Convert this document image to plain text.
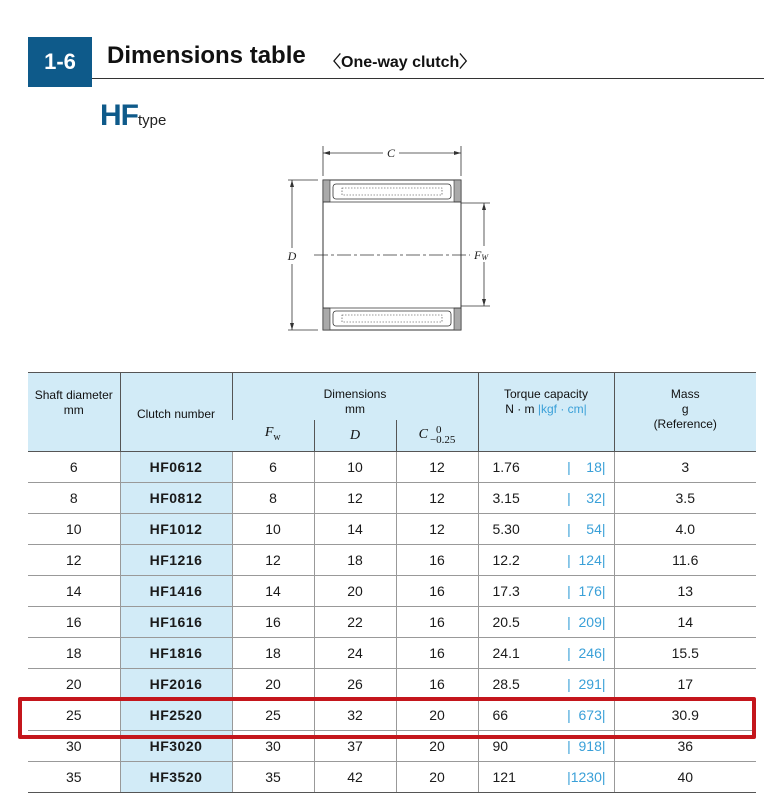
1-6	Dimensions table 〈One-way clutch〉
HFtype
C
D	FW
Shaft diameter
mm	Clutch number	Dimensions
mm			Torque capacity
N · m |kgf · cm|	Mass
g
(Reference)
		$F_w$	D	C 0
−0.25		
6	HF0612	6	10	12	1.76 |    18|	3
8	HF0812	8	12	12	3.15 |    32|	3.5
10	HF1012	10	14	12	5.30 |    54|	4.0
12	HF1216	12	18	16	12.2 |  124|	11.6
14	HF1416	14	20	16	17.3 |  176|	13
16	HF1616	16	22	16	20.5 |  209|	14
18	HF1816	18	24	16	24.1 |  246|	15.5
20	HF2016	20	26	16	28.5 |  291|	17
25	HF2520	25	32	20	66 |  673|	30.9
30	HF3020	30	37	20	90 |  918|	36
35	HF3520	35	42	20	121 |1230|	40
